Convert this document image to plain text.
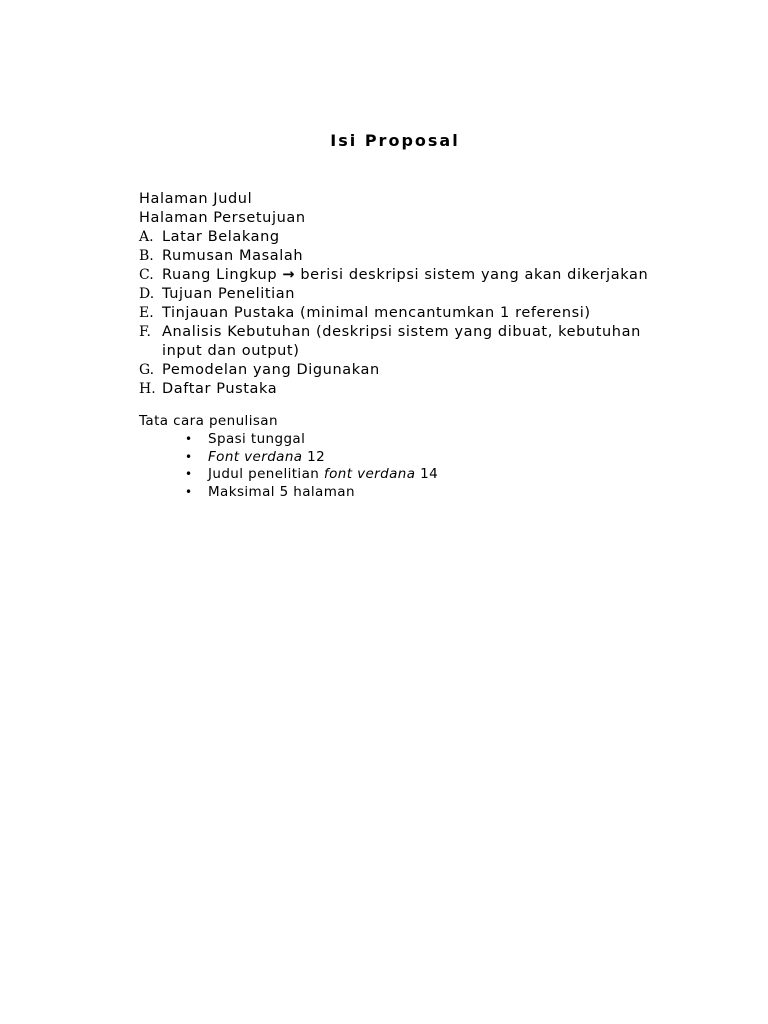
Isi Proposal

Halaman Judul

Halaman Persetujuan

A. Latar Belakang
B. Rumusan Masalah
C. Ruang Lingkup → berisi deskripsi sistem yang akan dikerjakan
D. Tujuan Penelitian
E. Tinjauan Pustaka (minimal mencantumkan 1 referensi)
F. Analisis Kebutuhan (deskripsi sistem yang dibuat, kebutuhan input dan output)
G. Pemodelan yang Digunakan
H. Daftar Pustaka

Tata cara penulisan

•	Spasi tunggal
•	Font verdana 12
•	Judul penelitian font verdana 14
•	Maksimal 5 halaman
